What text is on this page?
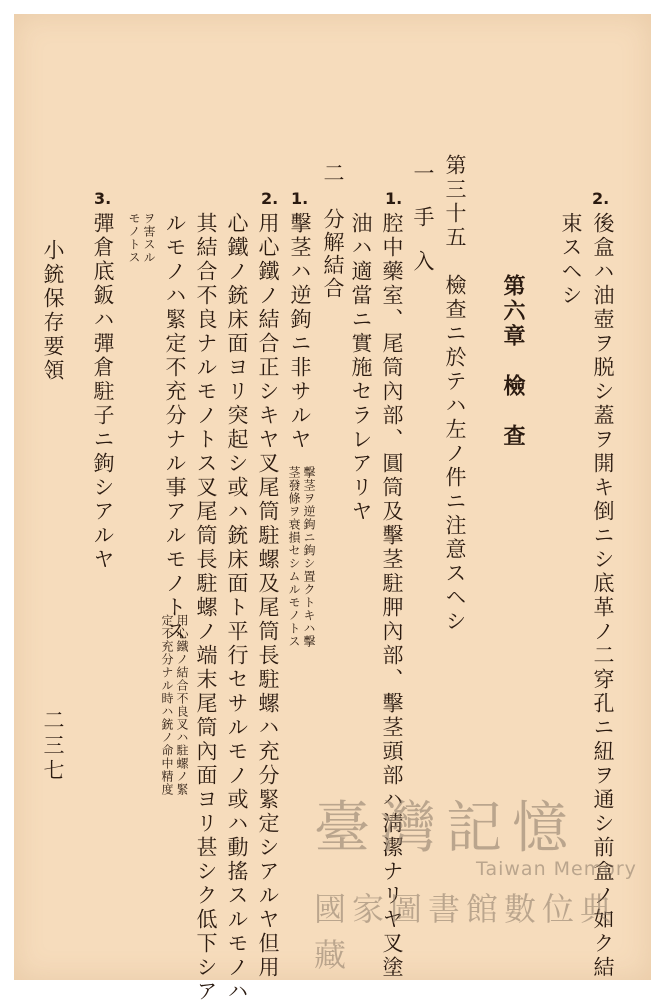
2.
後盒ハ油壺ヲ脱シ蓋ヲ開キ倒ニシ底革ノ二穿孔ニ紐ヲ通シ前盒ノ如ク結
束スヘシ
第六章　檢　查
第三十五　檢查ニ於テハ左ノ件ニ注意スヘシ
一　手　入
1.
腔中藥室、尾筒內部、圓筒及擊茎駐胛內部、擊茎頭部ハ淸潔ナリヤ叉塗
油ハ適當ニ實施セラレアリヤ
二　分解結合
1.
擊茎ハ逆鉤ニ非サルヤ
擊茎ヲ逆鉤ニ鉤シ置クトキハ擊
茎發條ヲ衰損セシムルモノトス
2.
用心鐵ノ結合正シキヤ叉尾筒駐螺及尾筒長駐螺ハ充分緊定シアルヤ但用
心鐵ノ銃床面ヨリ突起シ或ハ銃床面ト平行セサルモノ或ハ動搖スルモノハ
其結合不良ナルモノトス叉尾筒長駐螺ノ端末尾筒內面ヨリ甚シク低下シア
ルモノハ緊定不充分ナル事アルモノトス
用心鐵ノ結合不良叉ハ駐螺ノ緊
定不充分ナル時ハ銃ノ命中精度
ヲ害スル
モノトス
3.
彈倉底鈑ハ彈倉駐子ニ鉤シアルヤ
小銃保存要領
二三七
臺灣記憶
Taiwan Memory
國家圖書館數位典藏
